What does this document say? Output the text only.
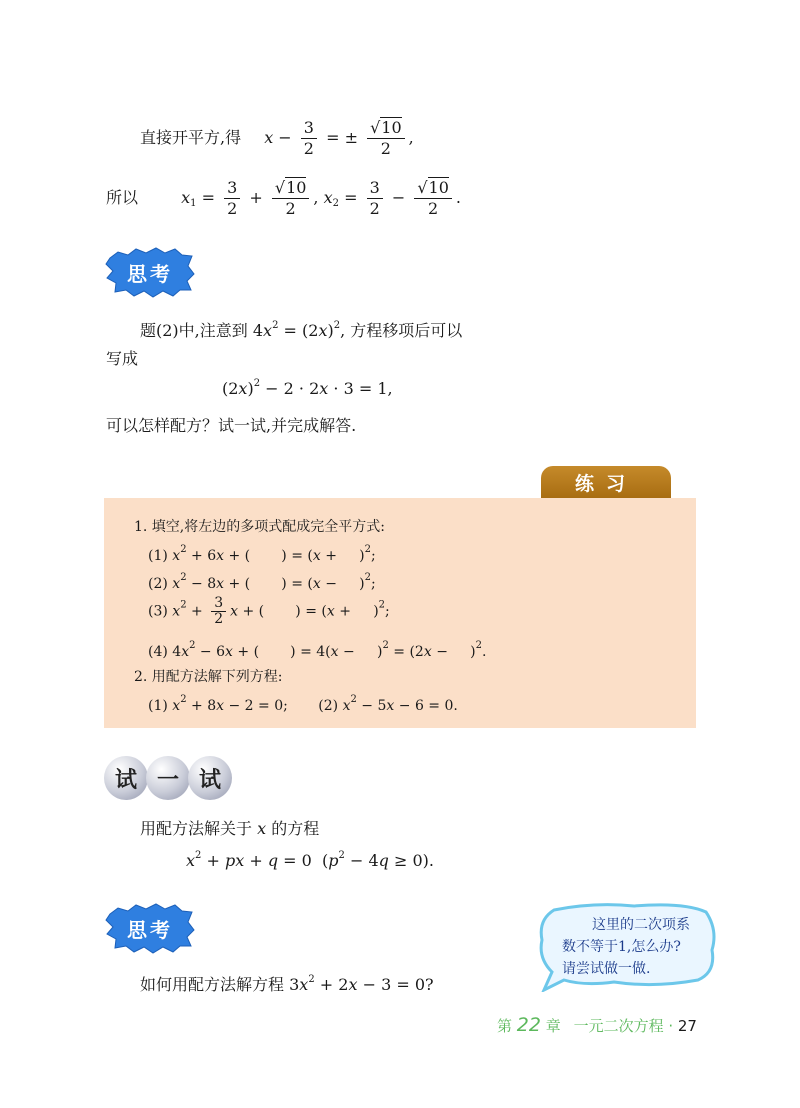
直接开平方,得 $x - \frac{3}{2}$ = ± $\frac{√10}{2}$ ,
所以	$x_1 = \frac{3}{2} + \frac{√10}{2}$ , $x_2 = \frac{3}{2} - \frac{√10}{2}$ .
思考
题(2)中,注意到 $4x^2 = (2x)^2$, 方程移项后可以
写成
$(2x)^2 - 2 \cdot 2x \cdot 3 = 1$,
可以怎样配方？试一试,并完成解答.
练习
1. 填空,将左边的多项式配成完全平方式:
(1) $x^2 + 6x$ + (       ) = (x +     )$^2$;
(2) $x^2 - 8x$ + (       ) = (x −     )$^2$;
(3) $x^2 + \frac{3}{2}$ x + (       ) = (x +     )$^2$;
(4) $4x^2 - 6x$ + (       ) = 4(x −     )$^2$ = (2x −     )$^2$.
2. 用配方法解下列方程:
(1) $x^2 + 8x - 2 = 0$; (2) $x^2 - 5x - 6 = 0$.
试 一 试
用配方法解关于 x 的方程
$x^2$ + px + q = 0  $(p^2 - 4q \ge 0)$.
思考
如何用配方法解方程 $3x^2 + 2x - 3 = 0$?
这里的二次项系
数不等于1,怎么办?
请尝试做一做.
第 22 章 一元二次方程 · 27
